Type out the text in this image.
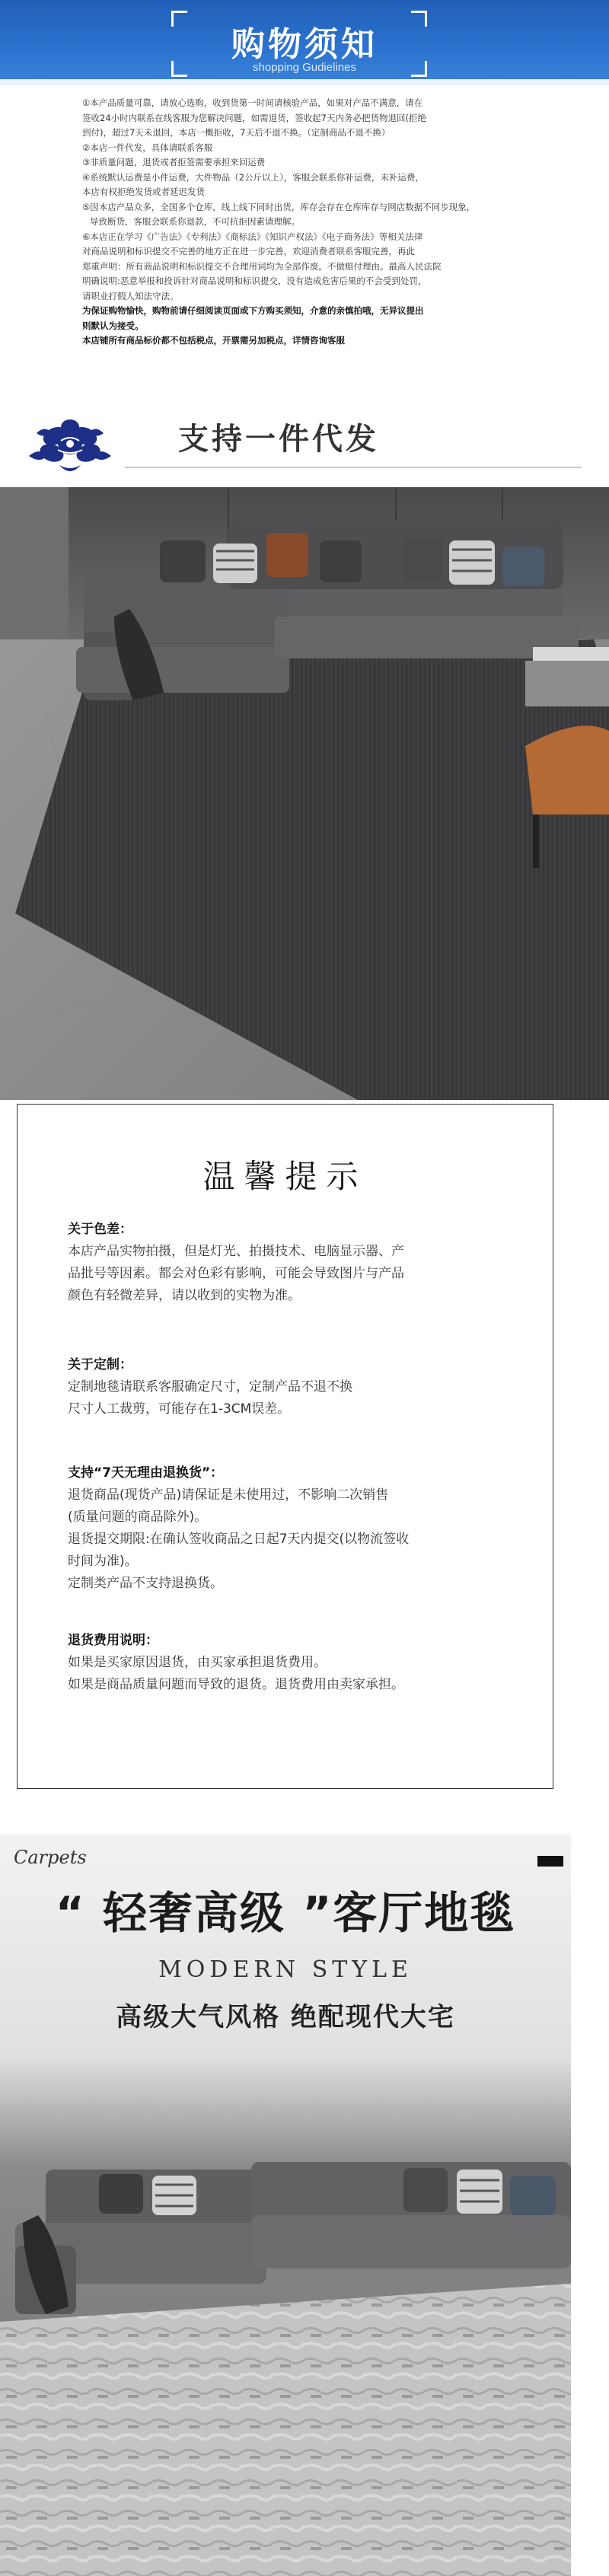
购物须知
shopping Gudielines
①本产品质量可靠，请放心选购，收到货第一时间请核验产品，如果对产品不满意，请在
签收24小时内联系在线客服为您解决问题，如需退货，签收起7天内务必把货物退回(拒绝
到付)，超过7天未退回，本店一概拒收，7天后不退不换。（定制商品不退不换）
②本店一件代发，具体请联系客服
③非质量问题，退货或者拒签需要承担来回运费
④系统默认运费是小件运费，大件物品（2公斤以上），客服会联系你补运费，未补运费，
本店有权拒绝发货或者延迟发货
⑤因本店产品众多，全国多个仓库，线上线下同时出货，库存会存在仓库库存与网店数据不同步现象，
导致断货，客服会联系你退款，不可抗拒因素请理解。
⑥本店正在学习《广告法》《专利法》《商标法》《知识产权法》《电子商务法》等相关法律
对商品说明和标识提交不完善的地方正在进一步完善，欢迎消费者联系客服完善，再此
郑重声明：所有商品说明和标识提交不合理用词均为全部作废。不做赔付理由。最高人民法院
明确说明:恶意举报和投诉针对商品说明和标识提交，没有造成危害后果的不会受到处罚，
请职业打假人知法守法。
为保证购物愉快，购物前请仔细阅读页面或下方购买须知，介意的亲慎拍哦，无异议提出
则默认为接受。
本店铺所有商品标价都不包括税点，开票需另加税点，详情咨询客服
支持一件代发
温馨提示
关于色差：
本店产品实物拍摄，但是灯光、拍摄技术、电脑显示器、产
品批号等因素。都会对色彩有影响，可能会导致图片与产品
颜色有轻微差异，请以收到的实物为准。
关于定制：
定制地毯请联系客服确定尺寸，定制产品不退不换
尺寸人工裁剪，可能存在1-3CM误差。
支持“7天无理由退换货”：
退货商品(现货产品)请保证是未使用过，不影响二次销售
(质量问题的商品除外)。
退货提交期限:在确认签收商品之日起7天内提交(以物流签收
时间为准)。
定制类产品不支持退换货。
退货费用说明：
如果是买家原因退货，由买家承担退货费用。
如果是商品质量问题而导致的退货。退货费用由卖家承担。
Carpets
“ 轻奢高级 ”客厅地毯
MODERN STYLE
高级大气风格 绝配现代大宅
